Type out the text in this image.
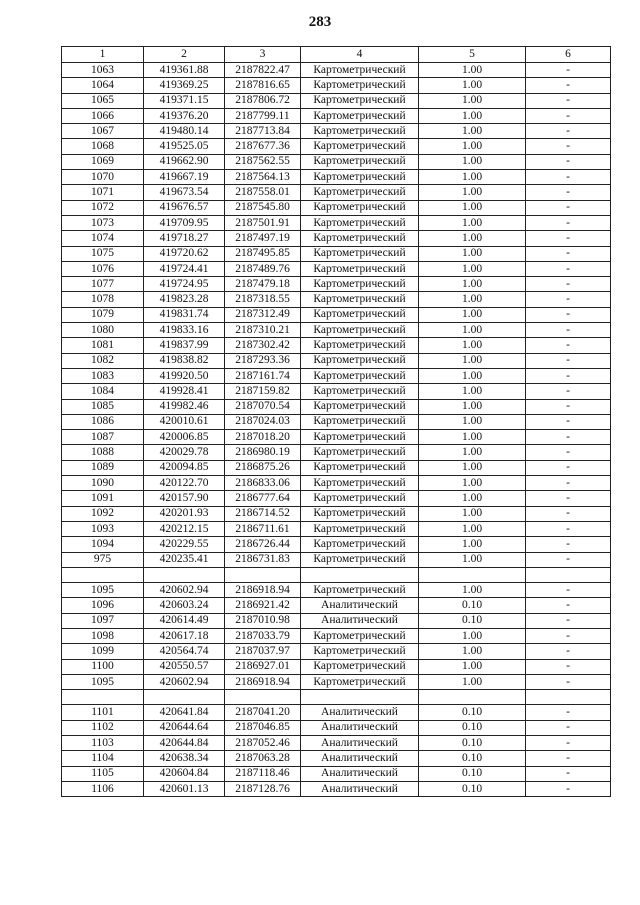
283
1	2	3	4	5	6
1063	419361.88	2187822.47	Картометрический	1.00	-
1064	419369.25	2187816.65	Картометрический	1.00	-
1065	419371.15	2187806.72	Картометрический	1.00	-
1066	419376.20	2187799.11	Картометрический	1.00	-
1067	419480.14	2187713.84	Картометрический	1.00	-
1068	419525.05	2187677.36	Картометрический	1.00	-
1069	419662.90	2187562.55	Картометрический	1.00	-
1070	419667.19	2187564.13	Картометрический	1.00	-
1071	419673.54	2187558.01	Картометрический	1.00	-
1072	419676.57	2187545.80	Картометрический	1.00	-
1073	419709.95	2187501.91	Картометрический	1.00	-
1074	419718.27	2187497.19	Картометрический	1.00	-
1075	419720.62	2187495.85	Картометрический	1.00	-
1076	419724.41	2187489.76	Картометрический	1.00	-
1077	419724.95	2187479.18	Картометрический	1.00	-
1078	419823.28	2187318.55	Картометрический	1.00	-
1079	419831.74	2187312.49	Картометрический	1.00	-
1080	419833.16	2187310.21	Картометрический	1.00	-
1081	419837.99	2187302.42	Картометрический	1.00	-
1082	419838.82	2187293.36	Картометрический	1.00	-
1083	419920.50	2187161.74	Картометрический	1.00	-
1084	419928.41	2187159.82	Картометрический	1.00	-
1085	419982.46	2187070.54	Картометрический	1.00	-
1086	420010.61	2187024.03	Картометрический	1.00	-
1087	420006.85	2187018.20	Картометрический	1.00	-
1088	420029.78	2186980.19	Картометрический	1.00	-
1089	420094.85	2186875.26	Картометрический	1.00	-
1090	420122.70	2186833.06	Картометрический	1.00	-
1091	420157.90	2186777.64	Картометрический	1.00	-
1092	420201.93	2186714.52	Картометрический	1.00	-
1093	420212.15	2186711.61	Картометрический	1.00	-
1094	420229.55	2186726.44	Картометрический	1.00	-
975	420235.41	2186731.83	Картометрический	1.00	-

1095	420602.94	2186918.94	Картометрический	1.00	-
1096	420603.24	2186921.42	Аналитический	0.10	-
1097	420614.49	2187010.98	Аналитический	0.10	-
1098	420617.18	2187033.79	Картометрический	1.00	-
1099	420564.74	2187037.97	Картометрический	1.00	-
1100	420550.57	2186927.01	Картометрический	1.00	-
1095	420602.94	2186918.94	Картометрический	1.00	-

1101	420641.84	2187041.20	Аналитический	0.10	-
1102	420644.64	2187046.85	Аналитический	0.10	-
1103	420644.84	2187052.46	Аналитический	0.10	-
1104	420638.34	2187063.28	Аналитический	0.10	-
1105	420604.84	2187118.46	Аналитический	0.10	-
1106	420601.13	2187128.76	Аналитический	0.10	-
